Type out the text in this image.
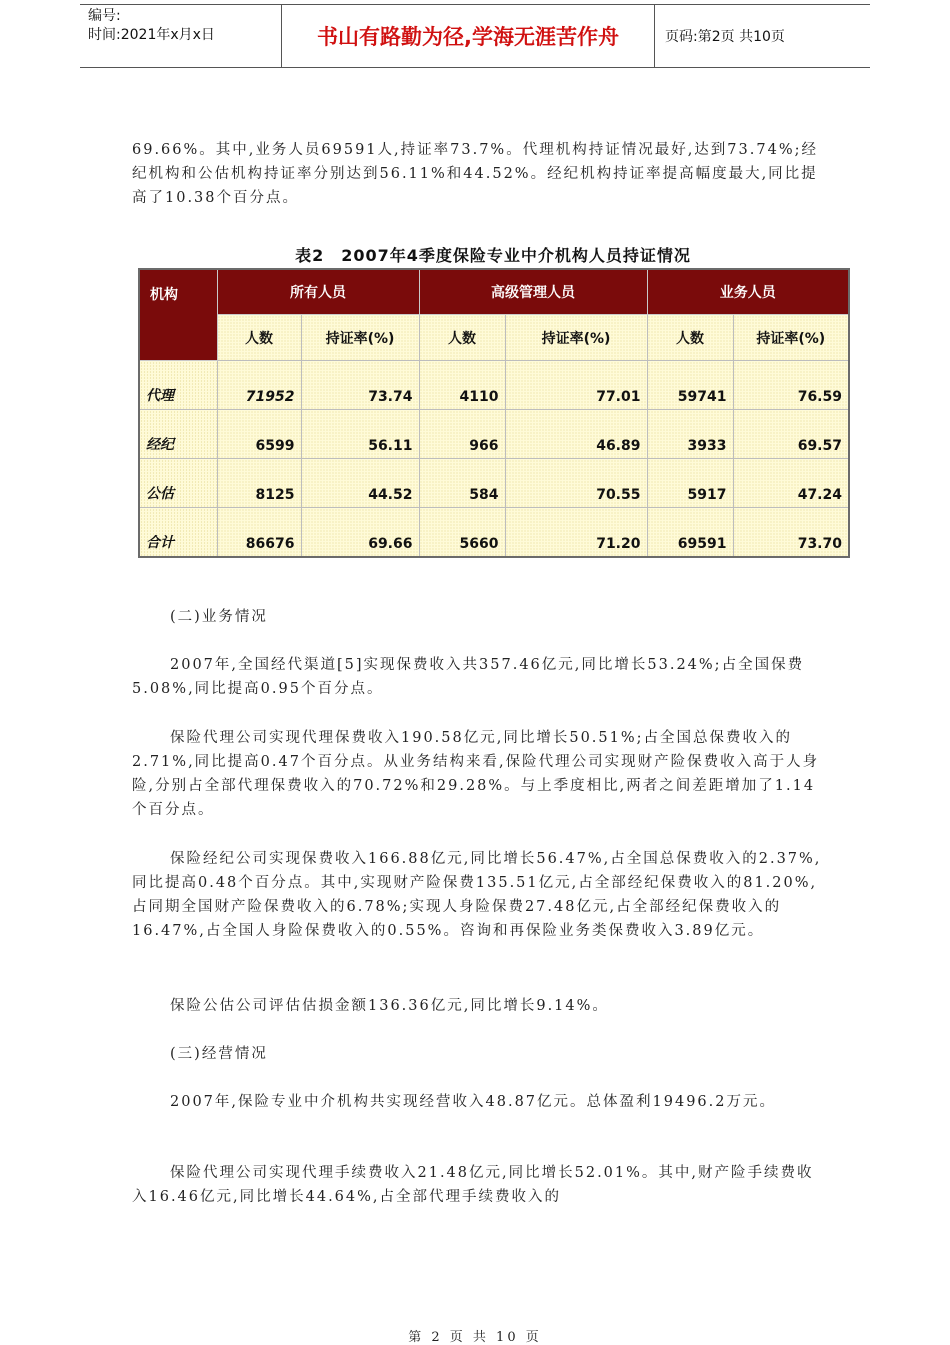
编号:
时间:2021年x月x日	书山有路勤为径,学海无涯苦作舟	页码:第2页 共10页

69.66%。其中,业务人员69591人,持证率73.7%。代理机构持证情况最好,达到73.74%;经纪机构和公估机构持证率分别达到56.11%和44.52%。经纪机构持证率提高幅度最大,同比提高了10.38个百分点。

表2　2007年4季度保险专业中介机构人员持证情况
机构	所有人员		高级管理人员		业务人员	
	人数	持证率(%)	人数	持证率(%)	人数	持证率(%)
代理	71952	73.74	4110	77.01	59741	76.59
经纪	6599	56.11	966	46.89	3933	69.57
公估	8125	44.52	584	70.55	5917	47.24
合计	86676	69.66	5660	71.20	69591	73.70

(二)业务情况

2007年,全国经代渠道[5]实现保费收入共357.46亿元,同比增长53.24%;占全国保费5.08%,同比提高0.95个百分点。

保险代理公司实现代理保费收入190.58亿元,同比增长50.51%;占全国总保费收入的2.71%,同比提高0.47个百分点。从业务结构来看,保险代理公司实现财产险保费收入高于人身险,分别占全部代理保费收入的70.72%和29.28%。与上季度相比,两者之间差距增加了1.14个百分点。

保险经纪公司实现保费收入166.88亿元,同比增长56.47%,占全国总保费收入的2.37%,同比提高0.48个百分点。其中,实现财产险保费135.51亿元,占全部经纪保费收入的81.20%,占同期全国财产险保费收入的6.78%;实现人身险保费27.48亿元,占全部经纪保费收入的16.47%,占全国人身险保费收入的0.55%。咨询和再保险业务类保费收入3.89亿元。

保险公估公司评估估损金额136.36亿元,同比增长9.14%。

(三)经营情况

2007年,保险专业中介机构共实现经营收入48.87亿元。总体盈利19496.2万元。

保险代理公司实现代理手续费收入21.48亿元,同比增长52.01%。其中,财产险手续费收入16.46亿元,同比增长44.64%,占全部代理手续费收入的

第 2 页 共 10 页
